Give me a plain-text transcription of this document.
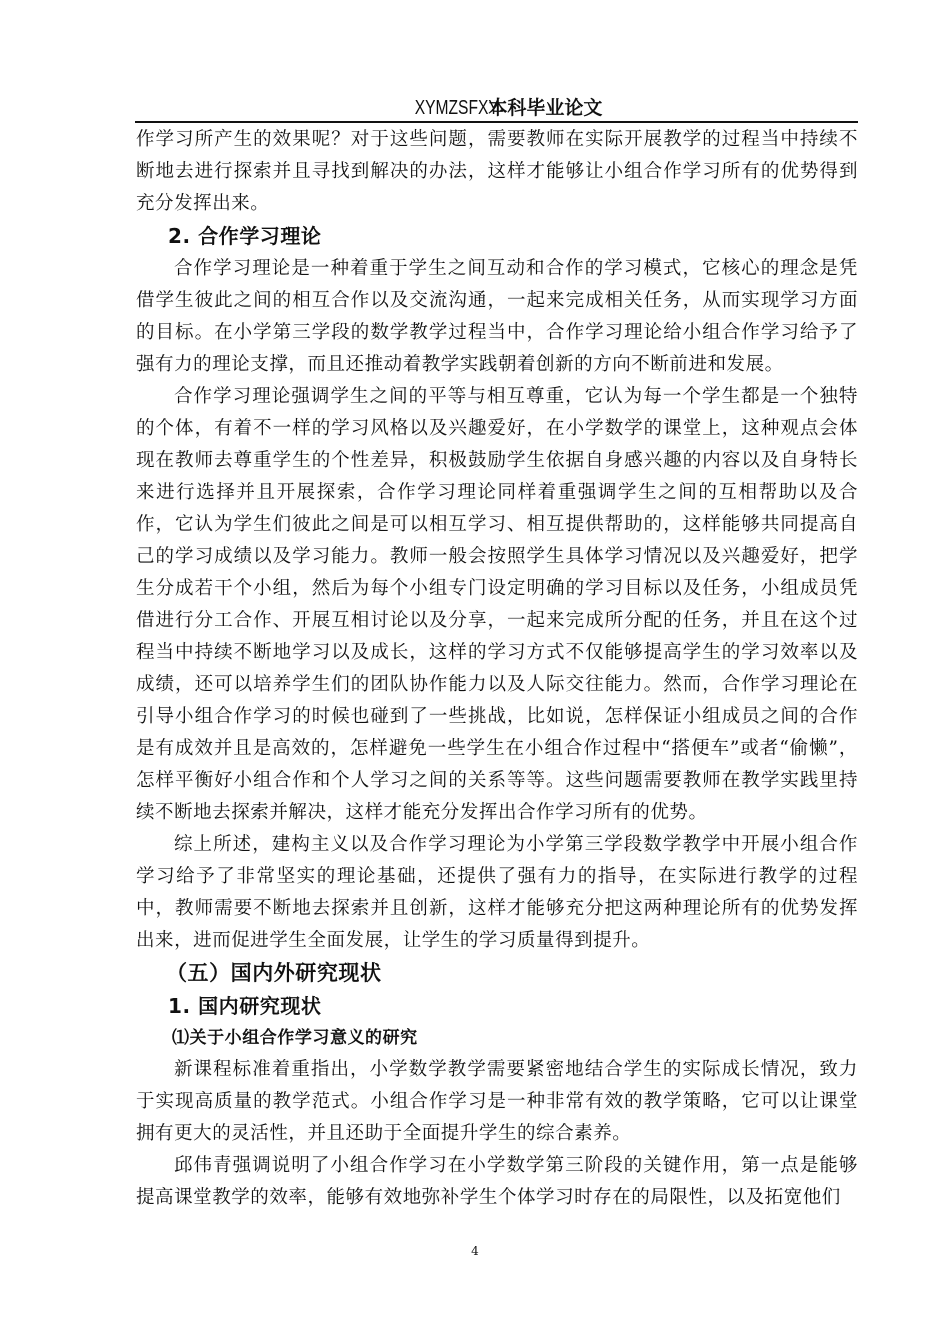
XYMZSFXY 本科毕业论文

作学习所产生的效果呢？对于这些问题，需要教师在实际开展教学的过程当中持续不断地去进行探索并且寻找到解决的办法，这样才能够让小组合作学习所有的优势得到充分发挥出来。

2. 合作学习理论

合作学习理论是一种着重于学生之间互动和合作的学习模式，它核心的理念是凭借学生彼此之间的相互合作以及交流沟通，一起来完成相关任务，从而实现学习方面的目标。在小学第三学段的数学教学过程当中，合作学习理论给小组合作学习给予了强有力的理论支撑，而且还推动着教学实践朝着创新的方向不断前进和发展。

合作学习理论强调学生之间的平等与相互尊重，它认为每一个学生都是一个独特的个体，有着不一样的学习风格以及兴趣爱好，在小学数学的课堂上，这种观点会体现在教师去尊重学生的个性差异，积极鼓励学生依据自身感兴趣的内容以及自身特长来进行选择并且开展探索，合作学习理论同样着重强调学生之间的互相帮助以及合作，它认为学生们彼此之间是可以相互学习、相互提供帮助的，这样能够共同提高自己的学习成绩以及学习能力。教师一般会按照学生具体学习情况以及兴趣爱好，把学生分成若干个小组，然后为每个小组专门设定明确的学习目标以及任务，小组成员凭借进行分工合作、开展互相讨论以及分享，一起来完成所分配的任务，并且在这个过程当中持续不断地学习以及成长，这样的学习方式不仅能够提高学生的学习效率以及成绩，还可以培养学生们的团队协作能力以及人际交往能力。然而，合作学习理论在引导小组合作学习的时候也碰到了一些挑战，比如说，怎样保证小组成员之间的合作是有成效并且是高效的，怎样避免一些学生在小组合作过程中“搭便车”或者“偷懒”，怎样平衡好小组合作和个人学习之间的关系等等。这些问题需要教师在教学实践里持续不断地去探索并解决，这样才能充分发挥出合作学习所有的优势。

综上所述，建构主义以及合作学习理论为小学第三学段数学教学中开展小组合作学习给予了非常坚实的理论基础，还提供了强有力的指导，在实际进行教学的过程中，教师需要不断地去探索并且创新，这样才能够充分把这两种理论所有的优势发挥出来，进而促进学生全面发展，让学生的学习质量得到提升。

（五）国内外研究现状
1. 国内研究现状
⑴关于小组合作学习意义的研究

新课程标准着重指出，小学数学教学需要紧密地结合学生的实际成长情况，致力于实现高质量的教学范式。小组合作学习是一种非常有效的教学策略，它可以让课堂拥有更大的灵活性，并且还助于全面提升学生的综合素养。

邱伟青强调说明了小组合作学习在小学数学第三阶段的关键作用，第一点是能够提高课堂教学的效率，能够有效地弥补学生个体学习时存在的局限性，以及拓宽他们

4
